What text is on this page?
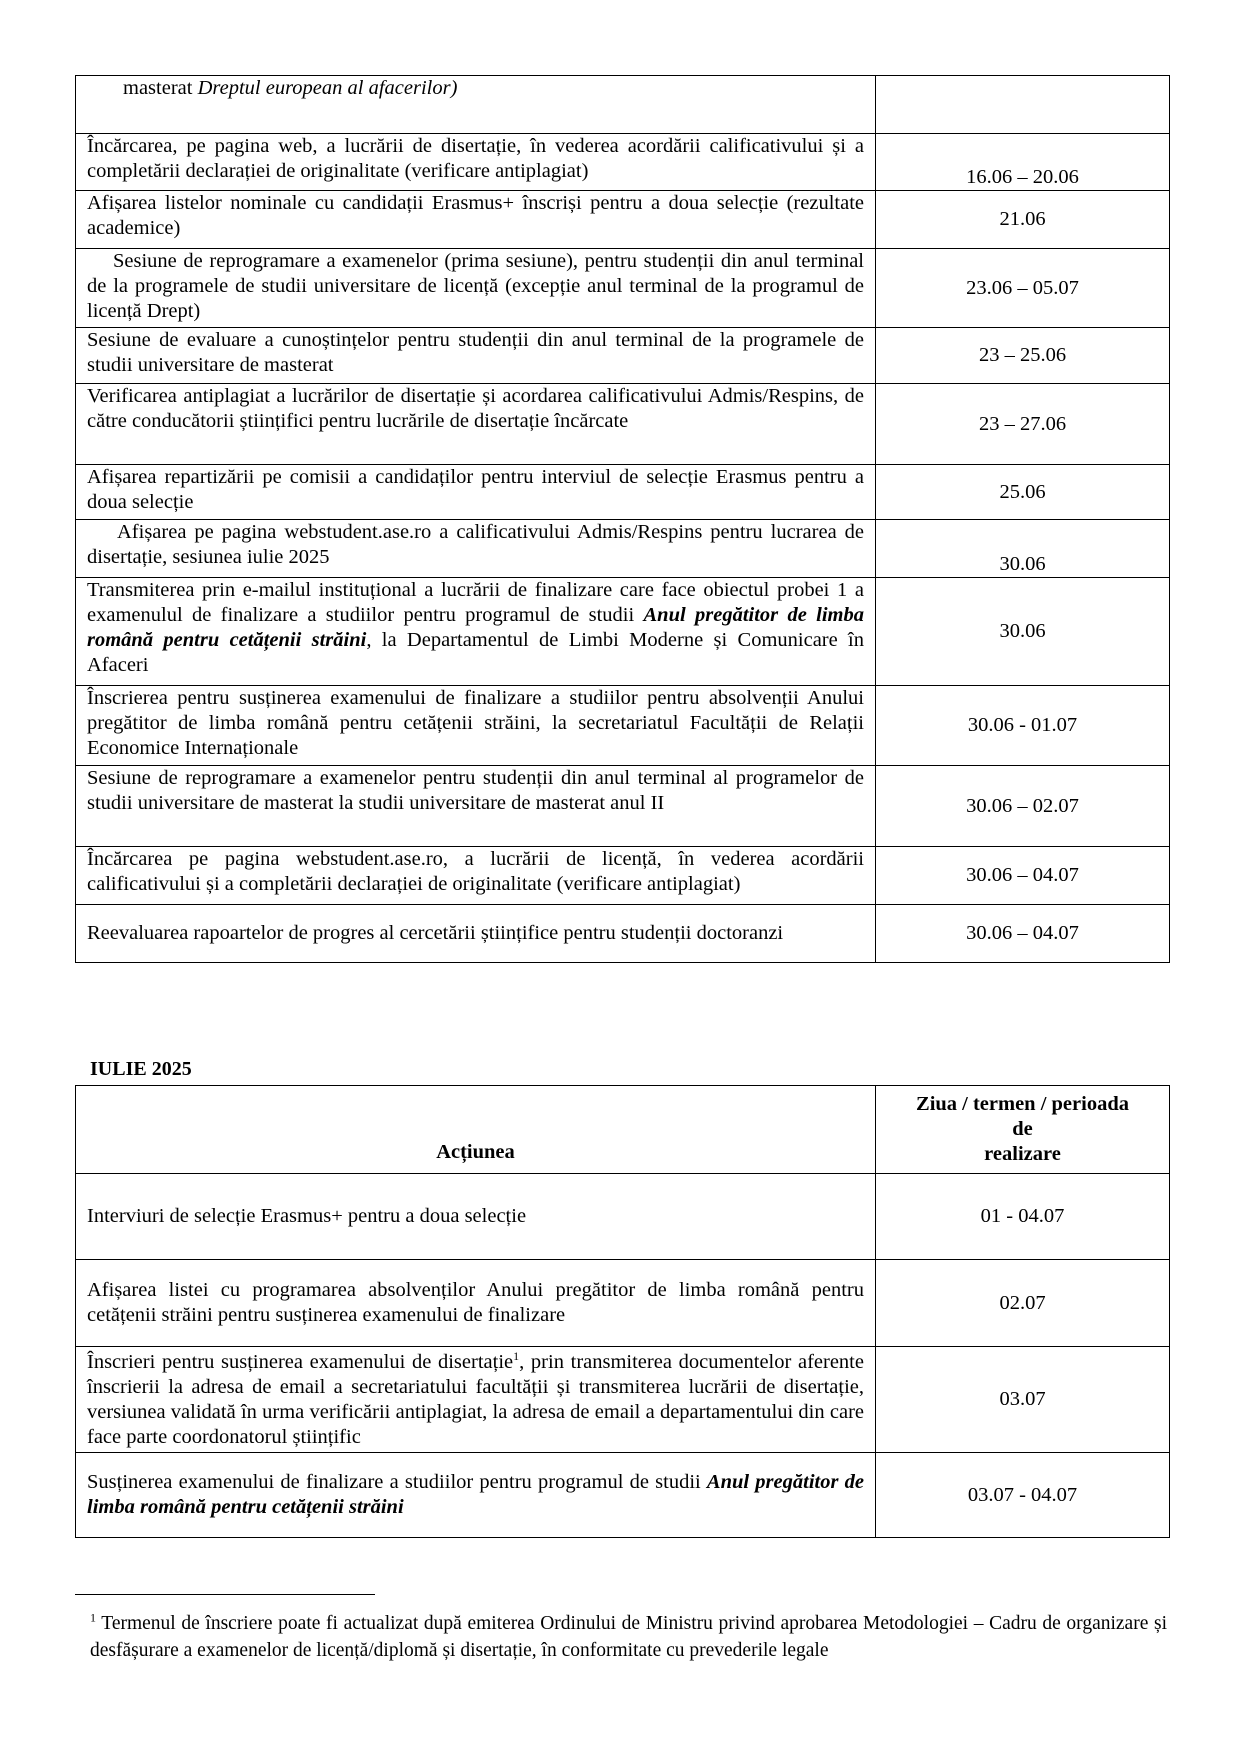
masterat Dreptul european al afacerilor)	
Încărcarea, pe pagina web, a lucrării de disertație, în vederea acordării calificativului și a completării declarației de originalitate (verificare antiplagiat)	16.06 – 20.06
Afișarea listelor nominale cu candidații Erasmus+ înscriși pentru a doua selecție (rezultate academice)	21.06
Sesiune de reprogramare a examenelor (prima sesiune), pentru studenții din anul terminal de la programele de studii universitare de licență (excepție anul terminal de la programul de licență Drept)	23.06 – 05.07
Sesiune de evaluare a cunoștințelor pentru studenții din anul terminal de la programele de studii universitare de masterat	23 – 25.06
Verificarea antiplagiat a lucrărilor de disertație și acordarea calificativului Admis/Respins, de către conducătorii științifici pentru lucrările de disertație încărcate	23 – 27.06
Afișarea repartizării pe comisii a candidaților pentru interviul de selecție Erasmus pentru a doua selecție	25.06
Afișarea pe pagina webstudent.ase.ro a calificativului Admis/Respins pentru lucrarea de disertație, sesiunea iulie 2025	30.06
Transmiterea prin e-mailul instituțional a lucrării de finalizare care face obiectul probei 1 a examenulul de finalizare a studiilor pentru programul de studii Anul pregătitor de limba română pentru cetățenii străini, la Departamentul de Limbi Moderne și Comunicare în Afaceri	30.06
Înscrierea pentru susținerea examenului de finalizare a studiilor pentru absolvenții Anului pregătitor de limba română pentru cetățenii străini, la secretariatul Facultății de Relații Economice Internaționale	30.06 - 01.07
Sesiune de reprogramare a examenelor pentru studenții din anul terminal al programelor de studii universitare de masterat la studii universitare de masterat anul II	30.06 – 02.07
Încărcarea pe pagina webstudent.ase.ro, a lucrării de licență, în vederea acordării calificativului și a completării declarației de originalitate (verificare antiplagiat)	30.06 – 04.07
Reevaluarea rapoartelor de progres al cercetării științifice pentru studenții doctoranzi	30.06 – 04.07
IULIE 2025
Acțiunea	Ziua / termen / perioada
de
realizare
Interviuri de selecție Erasmus+ pentru a doua selecție	01 - 04.07
Afișarea listei cu programarea absolvenților Anului pregătitor de limba română pentru cetățenii străini pentru susținerea examenului de finalizare	02.07
Înscrieri pentru susținerea examenului de disertație$^1$, prin transmiterea documentelor aferente înscrierii la adresa de email a secretariatului facultății și transmiterea lucrării de disertație, versiunea validată în urma verificării antiplagiat, la adresa de email a departamentului din care face parte coordonatorul științific	03.07
Susținerea examenului de finalizare a studiilor pentru programul de studii Anul pregătitor de limba română pentru cetățenii străini	03.07 - 04.07
$^1$ Termenul de înscriere poate fi actualizat după emiterea Ordinului de Ministru privind aprobarea Metodologiei – Cadru de organizare și desfășurare a examenelor de licență/diplomă și disertație, în conformitate cu prevederile legale
